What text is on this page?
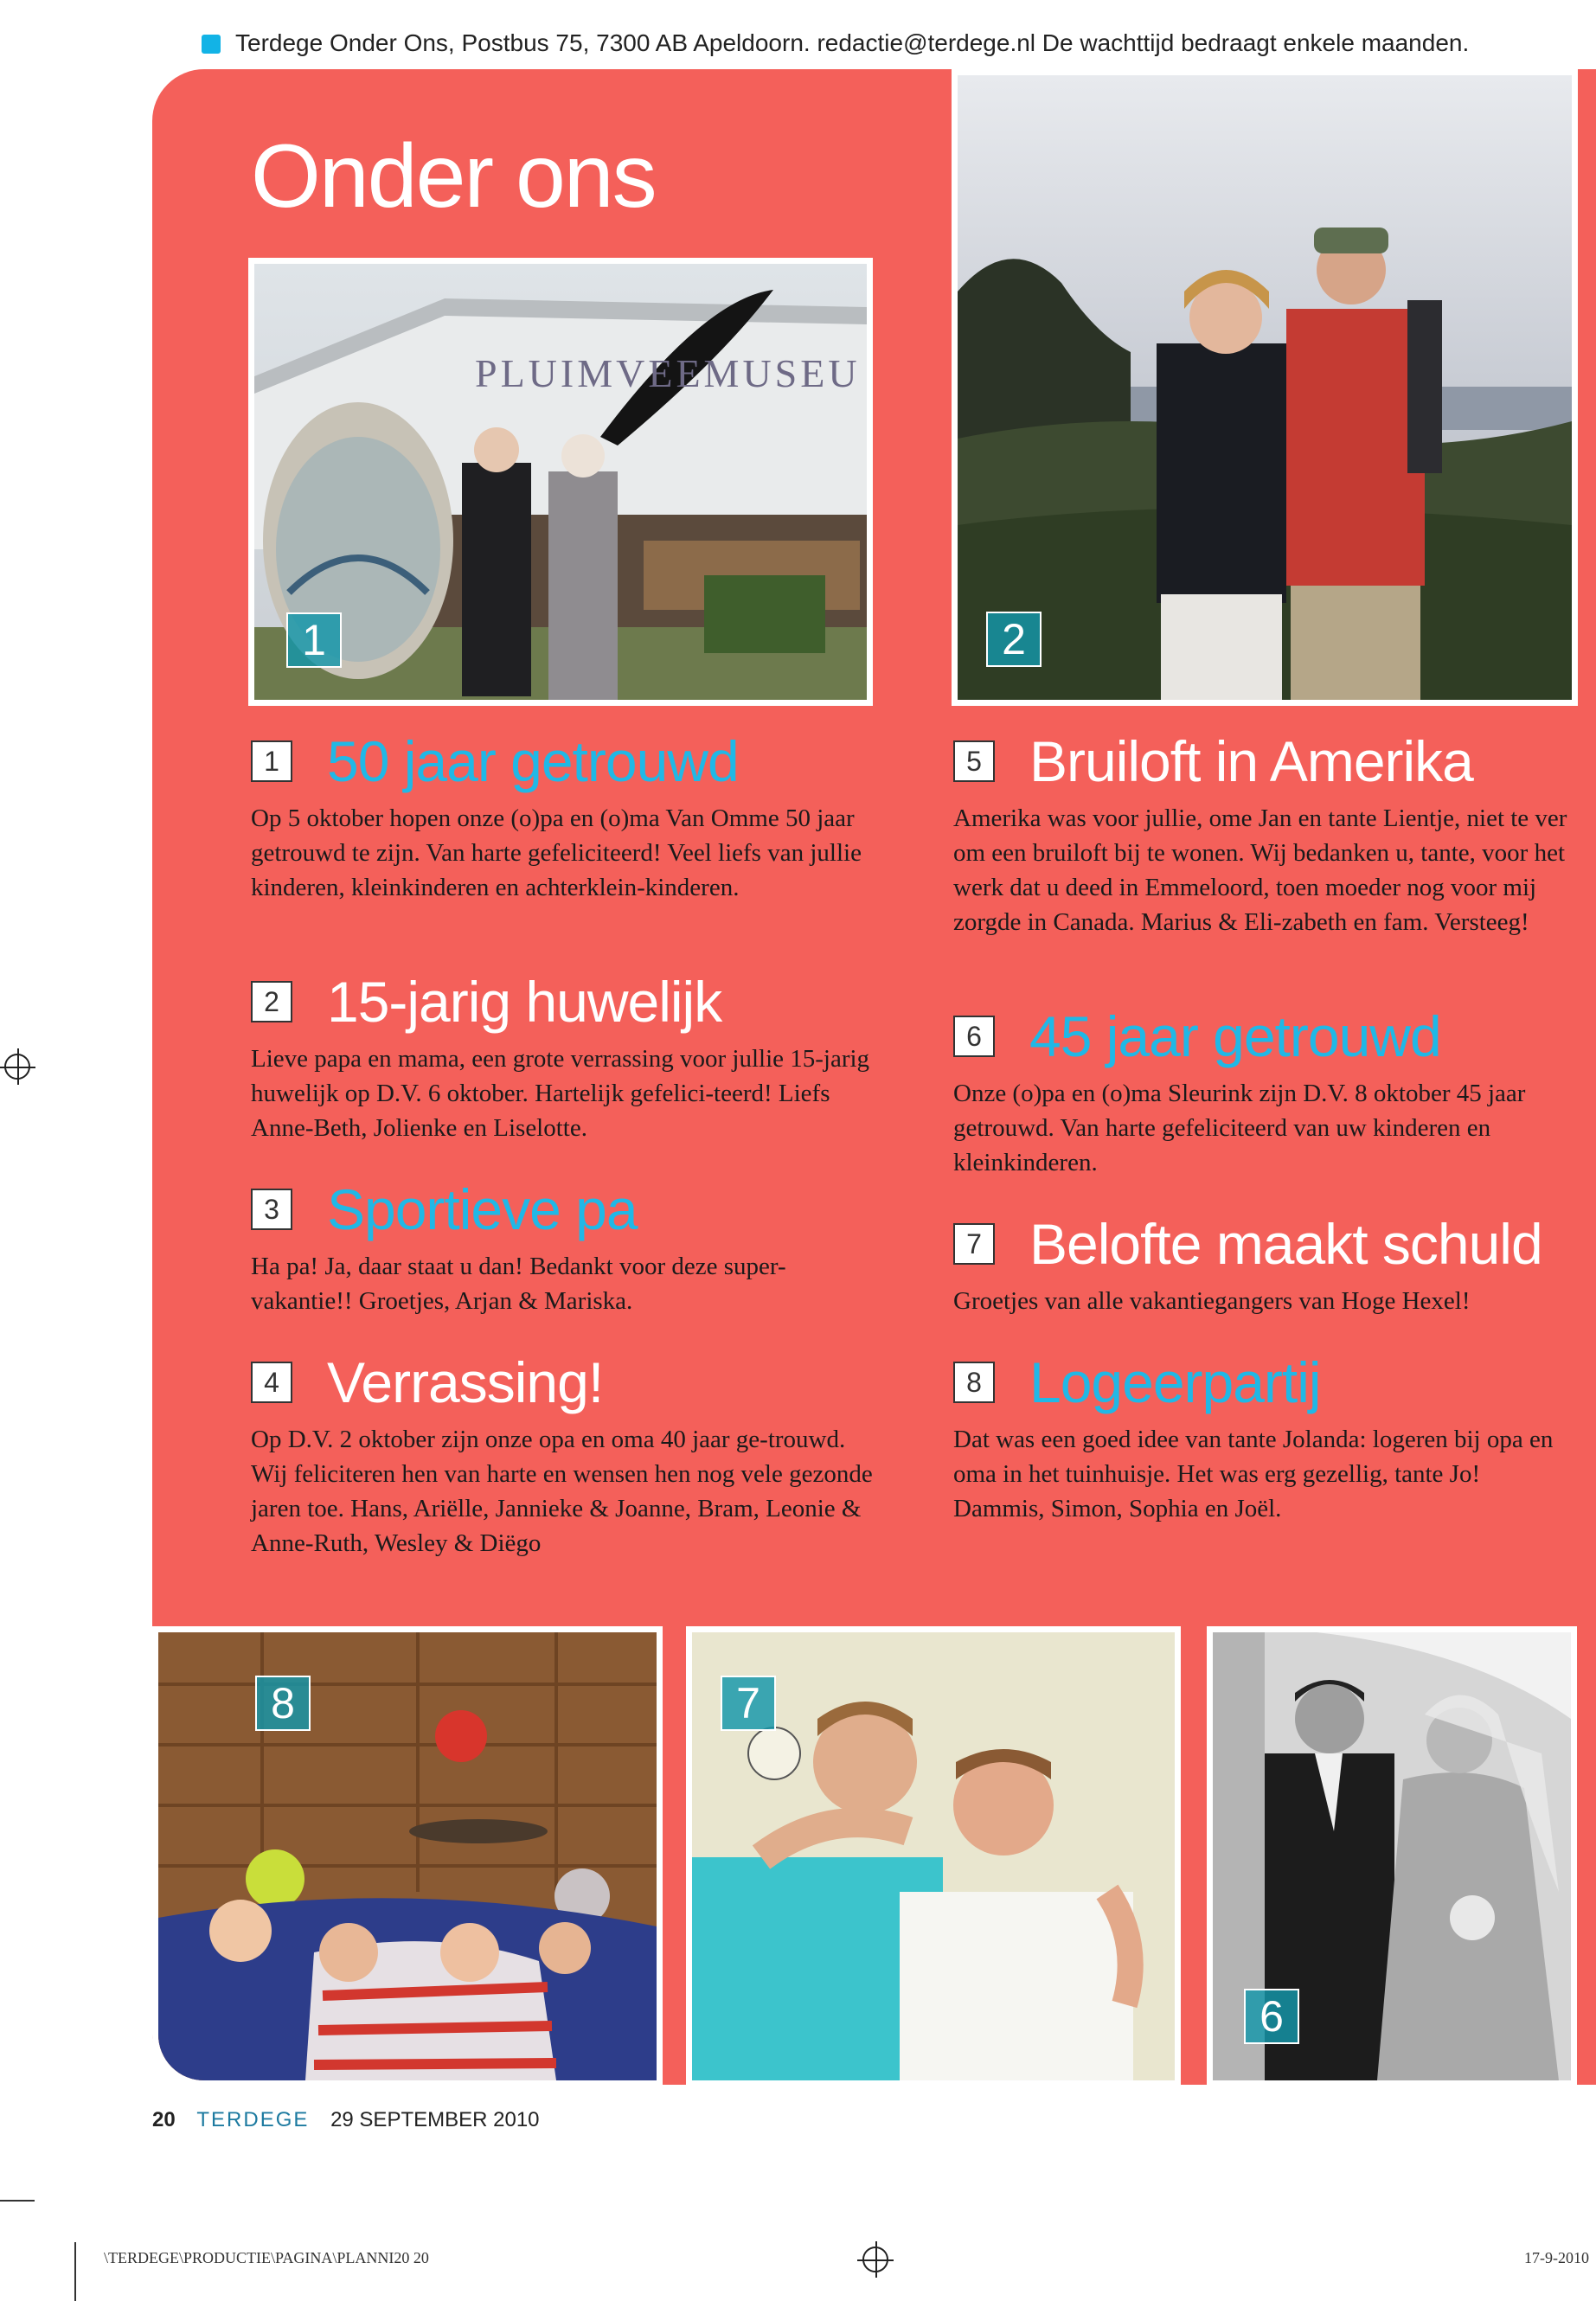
Terdege Onder Ons, Postbus 75, 7300 AB Apeldoorn. redactie@terdege.nl De wachttijd bedraagt enkele maanden.
Onder ons
PLUIMVEEMUSEU
1	2
1 50 jaar getrouwd
Op 5 oktober hopen onze (o)pa en (o)ma Van Omme 50 jaar getrouwd te zijn. Van harte gefeliciteerd! Veel liefs van jullie kinderen, kleinkinderen en achterklein-kinderen.
2 15-jarig huwelijk
Lieve papa en mama, een grote verrassing voor jullie 15-jarig huwelijk op D.V. 6 oktober. Hartelijk gefelici-teerd! Liefs Anne-Beth, Jolienke en Liselotte.
3 Sportieve pa
Ha pa! Ja, daar staat u dan! Bedankt voor deze super-vakantie!! Groetjes, Arjan & Mariska.
4 Verrassing!
Op D.V. 2 oktober zijn onze opa en oma 40 jaar ge-trouwd. Wij feliciteren hen van harte en wensen hen nog vele gezonde jaren toe. Hans, Ariëlle, Jannieke & Joanne, Bram, Leonie & Anne-Ruth, Wesley & Diëgo
5 Bruiloft in Amerika
Amerika was voor jullie, ome Jan en tante Lientje, niet te ver om een bruiloft bij te wonen. Wij bedanken u, tante, voor het werk dat u deed in Emmeloord, toen moeder nog voor mij zorgde in Canada. Marius & Eli-zabeth en fam. Versteeg!
6 45 jaar getrouwd
Onze (o)pa en (o)ma Sleurink zijn D.V. 8 oktober 45 jaar getrouwd. Van harte gefeliciteerd van uw kinderen en kleinkinderen.
7 Belofte maakt schuld
Groetjes van alle vakantiegangers van Hoge Hexel!
8 Logeerpartij
Dat was een goed idee van tante Jolanda: logeren bij opa en oma in het tuinhuisje. Het was erg gezellig, tante Jo! Dammis, Simon, Sophia en Joël.
8	7
6
20 TERDEGE 29 SEPTEMBER 2010
\TERDEGE\PRODUCTIE\PAGINA\PLANNI20 20	17-9-2010
